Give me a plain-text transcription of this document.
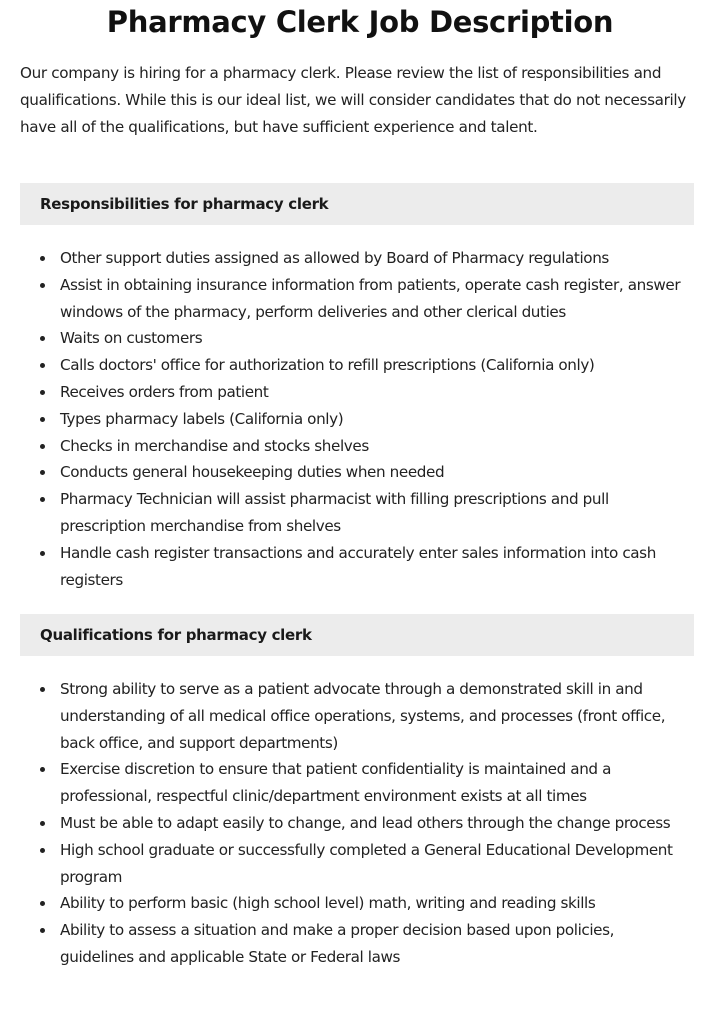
Pharmacy Clerk Job Description

Our company is hiring for a pharmacy clerk. Please review the list of responsibilities and qualifications. While this is our ideal list, we will consider candidates that do not necessarily have all of the qualifications, but have sufficient experience and talent.

Responsibilities for pharmacy clerk
Other support duties assigned as allowed by Board of Pharmacy regulations
Assist in obtaining insurance information from patients, operate cash register, answer windows of the pharmacy, perform deliveries and other clerical duties
Waits on customers
Calls doctors' office for authorization to refill prescriptions (California only)
Receives orders from patient
Types pharmacy labels (California only)
Checks in merchandise and stocks shelves
Conducts general housekeeping duties when needed
Pharmacy Technician will assist pharmacist with filling prescriptions and pull prescription merchandise from shelves
Handle cash register transactions and accurately enter sales information into cash registers
Qualifications for pharmacy clerk
Strong ability to serve as a patient advocate through a demonstrated skill in and understanding of all medical office operations, systems, and processes (front office, back office, and support departments)
Exercise discretion to ensure that patient confidentiality is maintained and a professional, respectful clinic/department environment exists at all times
Must be able to adapt easily to change, and lead others through the change process
High school graduate or successfully completed a General Educational Development program
Ability to perform basic (high school level) math, writing and reading skills
Ability to assess a situation and make a proper decision based upon policies, guidelines and applicable State or Federal laws
